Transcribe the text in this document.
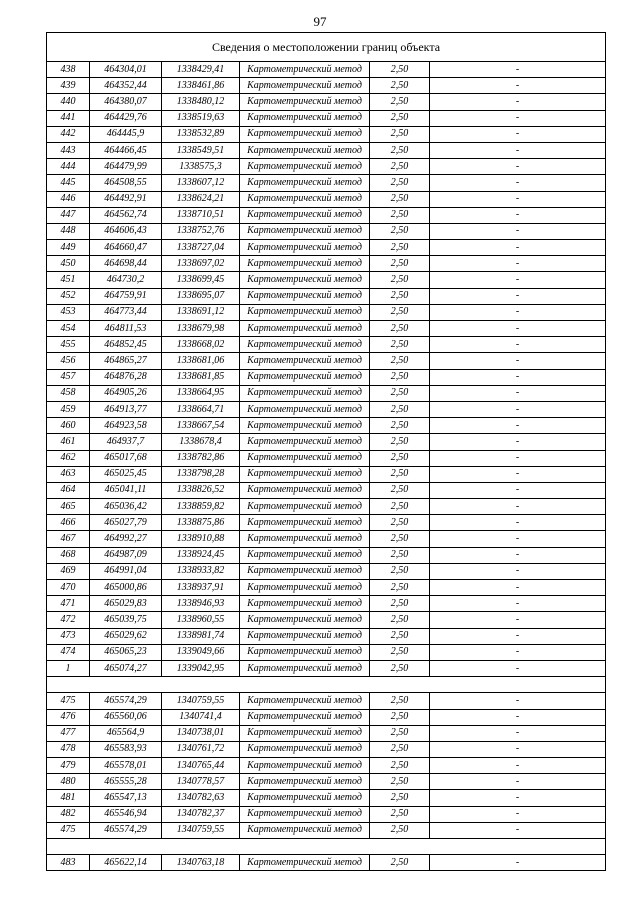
97
Сведения о местоположении границ объекта					
438	464304,01	1338429,41	Картометрический метод	2,50	-
439	464352,44	1338461,86	Картометрический метод	2,50	-
440	464380,07	1338480,12	Картометрический метод	2,50	-
441	464429,76	1338519,63	Картометрический метод	2,50	-
442	464445,9	1338532,89	Картометрический метод	2,50	-
443	464466,45	1338549,51	Картометрический метод	2,50	-
444	464479,99	1338575,3	Картометрический метод	2,50	-
445	464508,55	1338607,12	Картометрический метод	2,50	-
446	464492,91	1338624,21	Картометрический метод	2,50	-
447	464562,74	1338710,51	Картометрический метод	2,50	-
448	464606,43	1338752,76	Картометрический метод	2,50	-
449	464660,47	1338727,04	Картометрический метод	2,50	-
450	464698,44	1338697,02	Картометрический метод	2,50	-
451	464730,2	1338699,45	Картометрический метод	2,50	-
452	464759,91	1338695,07	Картометрический метод	2,50	-
453	464773,44	1338691,12	Картометрический метод	2,50	-
454	464811,53	1338679,98	Картометрический метод	2,50	-
455	464852,45	1338668,02	Картометрический метод	2,50	-
456	464865,27	1338681,06	Картометрический метод	2,50	-
457	464876,28	1338681,85	Картометрический метод	2,50	-
458	464905,26	1338664,95	Картометрический метод	2,50	-
459	464913,77	1338664,71	Картометрический метод	2,50	-
460	464923,58	1338667,54	Картометрический метод	2,50	-
461	464937,7	1338678,4	Картометрический метод	2,50	-
462	465017,68	1338782,86	Картометрический метод	2,50	-
463	465025,45	1338798,28	Картометрический метод	2,50	-
464	465041,11	1338826,52	Картометрический метод	2,50	-
465	465036,42	1338859,82	Картометрический метод	2,50	-
466	465027,79	1338875,86	Картометрический метод	2,50	-
467	464992,27	1338910,88	Картометрический метод	2,50	-
468	464987,09	1338924,45	Картометрический метод	2,50	-
469	464991,04	1338933,82	Картометрический метод	2,50	-
470	465000,86	1338937,91	Картометрический метод	2,50	-
471	465029,83	1338946,93	Картометрический метод	2,50	-
472	465039,75	1338960,55	Картометрический метод	2,50	-
473	465029,62	1338981,74	Картометрический метод	2,50	-
474	465065,23	1339049,66	Картометрический метод	2,50	-
1	465074,27	1339042,95	Картометрический метод	2,50	-

475	465574,29	1340759,55	Картометрический метод	2,50	-
476	465560,06	1340741,4	Картометрический метод	2,50	-
477	465564,9	1340738,01	Картометрический метод	2,50	-
478	465583,93	1340761,72	Картометрический метод	2,50	-
479	465578,01	1340765,44	Картометрический метод	2,50	-
480	465555,28	1340778,57	Картометрический метод	2,50	-
481	465547,13	1340782,63	Картометрический метод	2,50	-
482	465546,94	1340782,37	Картометрический метод	2,50	-
475	465574,29	1340759,55	Картометрический метод	2,50	-

483	465622,14	1340763,18	Картометрический метод	2,50	-
